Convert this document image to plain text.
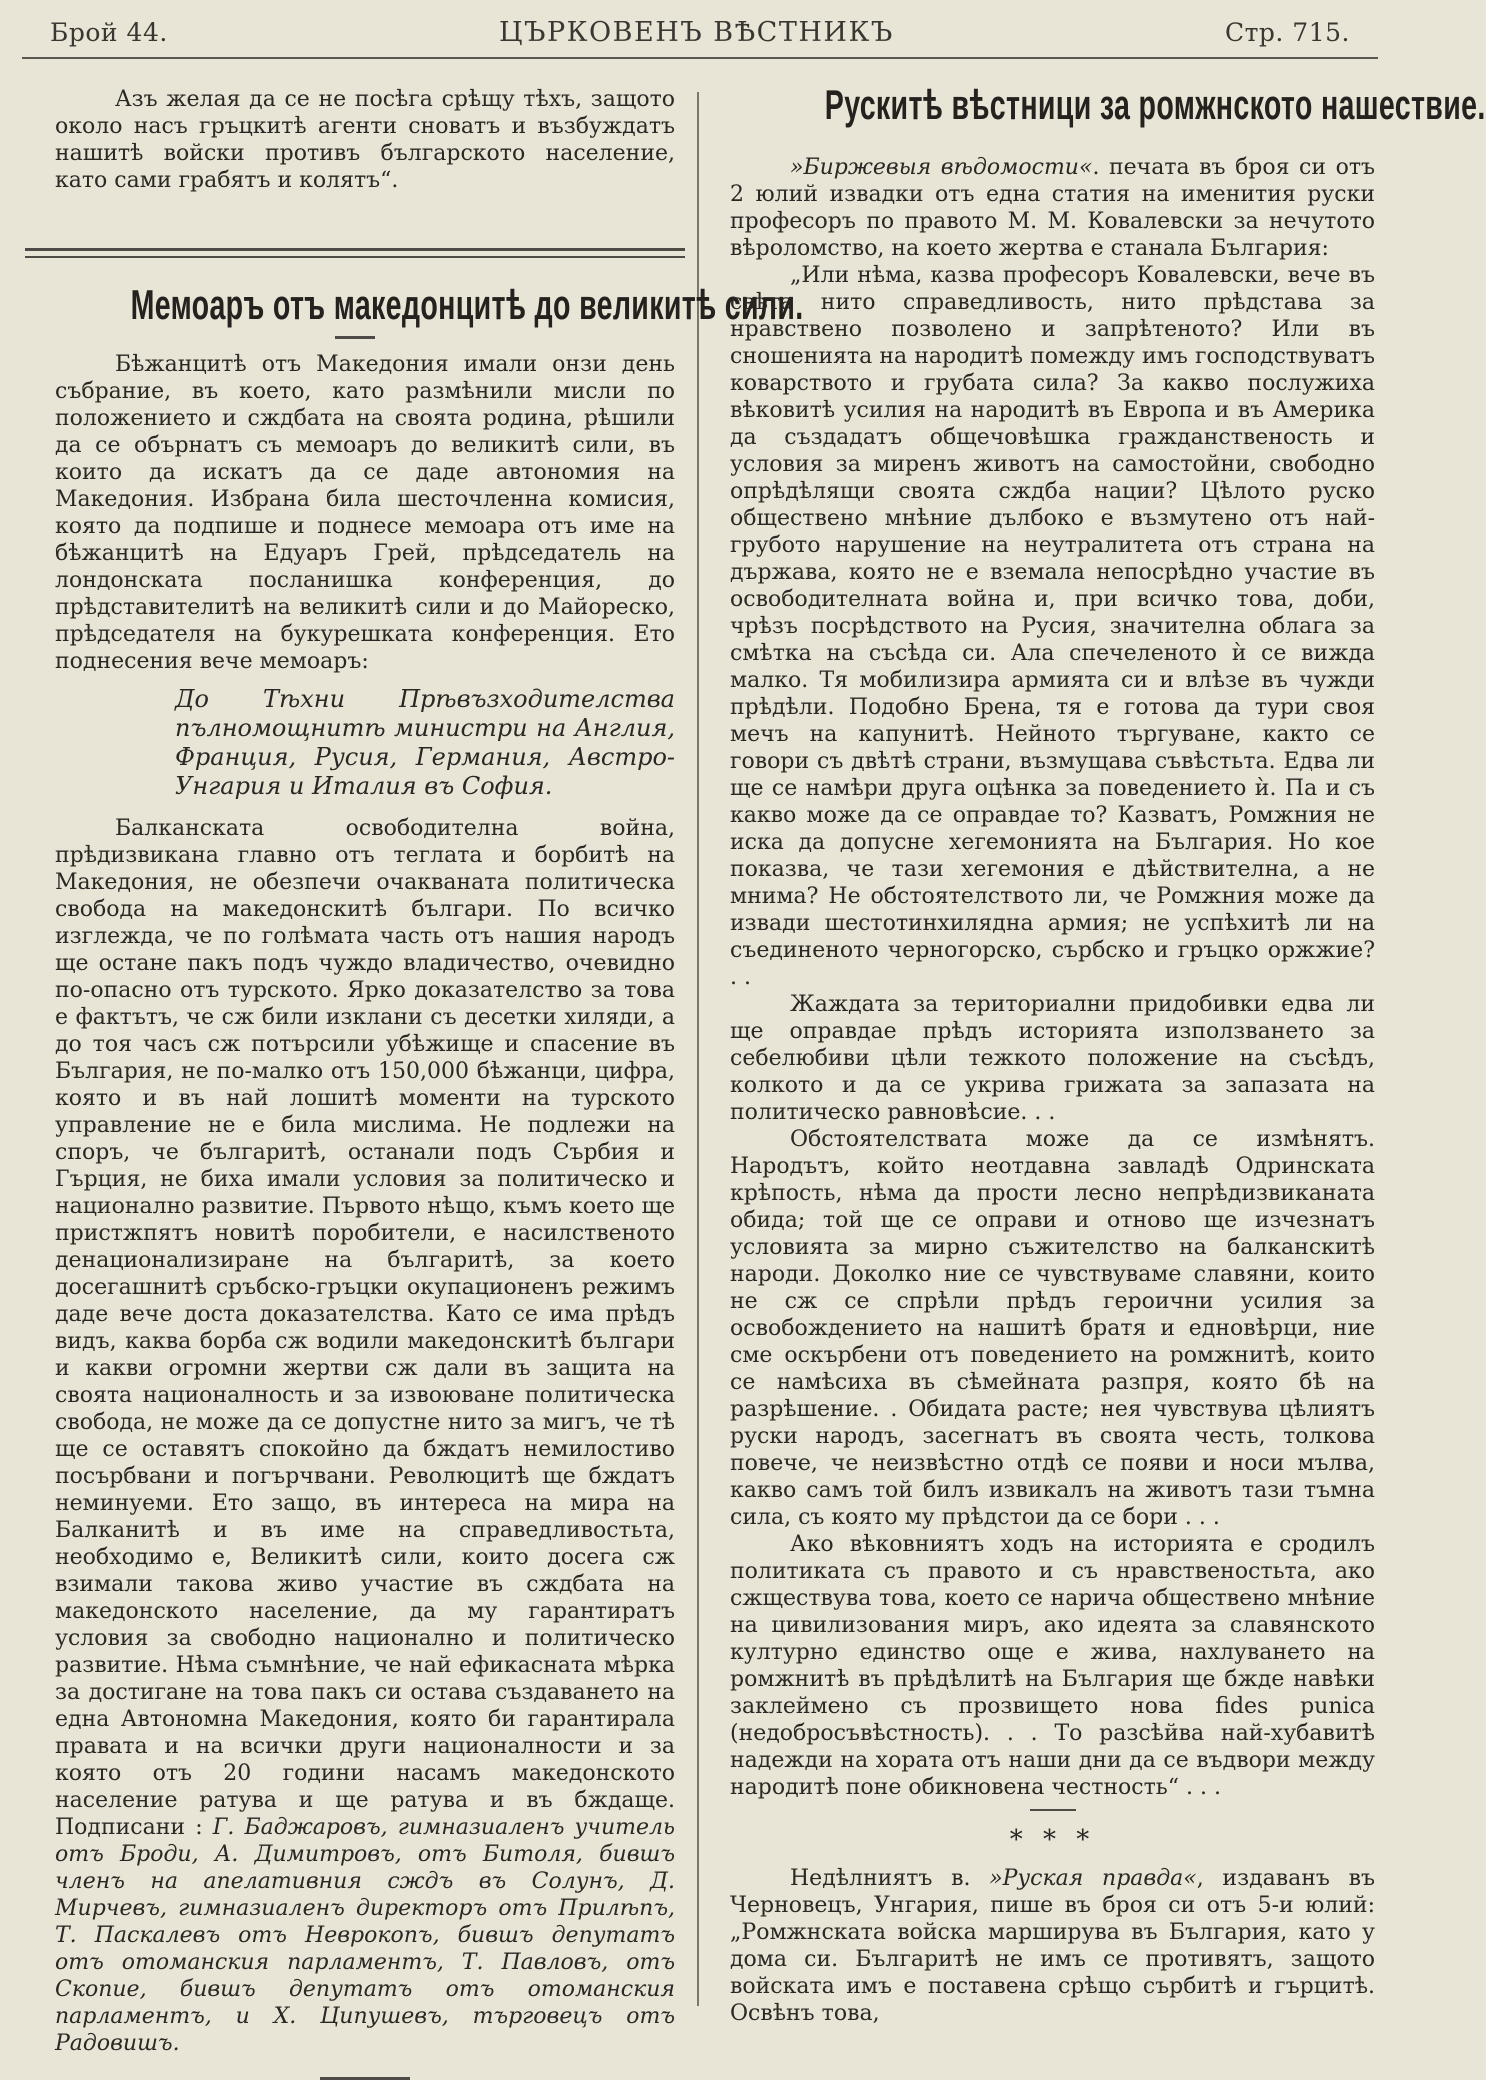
Брой 44.	ЦЪРКОВЕНЪ ВѢСТНИКЪ	Стр. 715.

Азъ желая да се не посѣга срѣщу тѣхъ, защото около насъ гръцкитѣ агенти сноватъ и възбуждатъ нашитѣ войски противъ българското население, като сами грабятъ и колятъ“.

Мемоаръ отъ македонцитѣ до великитѣ сили.

Бѣжанцитѣ отъ Македония имали онзи день събрание, въ което, като размѣнили мисли по положението и сждбата на своята родина, рѣшили да се обърнатъ съ мемоаръ до великитѣ сили, въ които да искатъ да се даде автономия на Македония. Избрана била шесточленна комисия, която да подпише и поднесе мемоара отъ име на бѣжанцитѣ на Едуаръ Грей, прѣдседатель на лондонската посланишка конференция, до прѣдставителитѣ на великитѣ сили и до Майореско, прѣдседателя на букурешката конференция. Ето поднесения вече мемоаръ:

До Тѣхни Прѣвъзходителства пълномощнитѣ министри на Англия, Франция, Русия, Германия, Австро-Унгария и Италия въ София.

Балканската освободителна война, прѣдизвикана главно отъ теглата и борбитѣ на Македония, не обезпечи очакваната политическа свобода на македонскитѣ българи. По всичко изглежда, че по голѣмата часть отъ нашия народъ ще остане пакъ подъ чуждо владичество, очевидно по-опасно отъ турското. Ярко доказателство за това е фактътъ, че сж били изклани съ десетки хиляди, а до тоя часъ сж потърсили убѣжище и спасение въ България, не по-малко отъ 150,000 бѣжанци, цифра, която и въ най лошитѣ моменти на турското управление не е била мислима. Не подлежи на споръ, че българитѣ, останали подъ Сърбия и Гърция, не биха имали условия за политическо и национално развитие. Първото нѣщо, къмъ което ще пристжпятъ новитѣ поробители, е насилственото денационализиране на българитѣ, за което досегашнитѣ сръбско-гръцки окупационенъ режимъ даде вече доста доказателства. Като се има прѣдъ видъ, каква борба сж водили македонскитѣ българи и какви огромни жертви сж дали въ защита на своята националность и за извоюване политическа свобода, не може да се допустне нито за мигъ, че тѣ ще се оставятъ спокойно да бждатъ немилостиво посърбвани и погърчвани. Революцитѣ ще бждатъ неминуеми. Ето защо, въ интереса на мира на Балканитѣ и въ име на справедливостьта, необходимо е, Великитѣ сили, които досега сж взимали такова живо участие въ сждбата на македонското население, да му гарантиратъ условия за свободно национално и политическо развитие. Нѣма съмнѣние, че най ефикасната мѣрка за достигане на това пакъ си остава създаването на една Автономна Македония, която би гарантирала правата и на всички други националности и за която отъ 20 години насамъ македонското население ратува и ще ратува и въ бждаще. Подписани : Г. Баджаровъ, гимназиаленъ учитель отъ Броди, А. Димитровъ, отъ Битоля, бившъ членъ на апелативния сждъ въ Солунъ, Д. Мирчевъ, гимназиаленъ директоръ отъ Прилѣпъ, Т. Паскалевъ отъ Неврокопъ, бившъ депутатъ отъ отоманския парламентъ, Т. Павловъ, отъ Скопие, бившъ депутатъ отъ отоманския парламентъ, и Х. Ципушевъ, търговецъ отъ Радовишъ.

Рускитѣ вѣстници за ромжнското нашествие.

»Биржевыя вѣдомости«. печата въ броя си отъ 2 юлий извадки отъ една статия на именития руски професоръ по правото М. М. Ковалевски за нечутото вѣроломство, на което жертва е станала България:

„Или нѣма, казва професоръ Ковалевски, вече въ свѣта нито справедливость, нито прѣдстава за нравствено позволено и запрѣтеното? Или въ сношенията на народитѣ помежду имъ господствуватъ коварството и грубата сила? За какво послужиха вѣковитѣ усилия на народитѣ въ Европа и въ Америка да създадатъ общечовѣшка гражданственость и условия за миренъ животъ на самостойни, свободно опрѣдѣлящи своята сждба нации? Цѣлото руско обществено мнѣние дълбоко е възмутено отъ най-грубото нарушение на неутралитета отъ страна на държава, която не е вземала непосрѣдно участие въ освободителната война и, при всичко това, доби, чрѣзъ посрѣдството на Русия, значителна облага за смѣтка на съсѣда си. Ала спечеленото ѝ се вижда малко. Тя мобилизира армията си и влѣзе въ чужди прѣдѣли. Подобно Брена, тя е готова да тури своя мечъ на капунитѣ. Нейното търгуване, както се говори съ двѣтѣ страни, възмущава съвѣстьта. Едва ли ще се намѣри друга оцѣнка за поведението ѝ. Па и съ какво може да се оправдае то? Казватъ, Ромжния не иска да допусне хегемонията на България. Но кое показва, че тази хегемония е дѣйствителна, а не мнима? Не обстоятелството ли, че Ромжния може да извади шестотинхилядна армия; не успѣхитѣ ли на съединеното черногорско, сърбско и гръцко оржжие? . .

Жаждата за териториални придобивки едва ли ще оправдае прѣдъ историята използването за себелюбиви цѣли тежкото положение на съсѣдъ, колкото и да се укрива грижата за запазата на политическо равновѣсие. . .

Обстоятелствата може да се измѣнятъ. Народътъ, който неотдавна завладѣ Одринската крѣпость, нѣма да прости лесно непрѣдизвиканата обида; той ще се оправи и отново ще изчезнатъ условията за мирно съжителство на балканскитѣ народи. Доколко ние се чувствуваме славяни, които не сж се спрѣли прѣдъ героични усилия за освобождението на нашитѣ братя и едновѣрци, ние сме оскърбени отъ поведението на ромжнитѣ, които се намѣсиха въ сѣмейната разпря, която бѣ на разрѣшение. . Обидата расте; нея чувствува цѣлиятъ руски народъ, засегнатъ въ своята честь, толкова повече, че неизвѣстно отдѣ се появи и носи мълва, какво самъ той билъ извикалъ на животъ тази тъмна сила, съ която му прѣдстои да се бори . . .

Ако вѣковниятъ ходъ на историята е сродилъ политиката съ правото и съ нравственостьта, ако сжществува това, което се нарича обществено мнѣние на цивилизования миръ, ако идеята за славянското културно единство още е жива, нахлуването на ромжнитѣ въ прѣдѣлитѣ на България ще бжде навѣки заклеймено съ прозвището нова fides punica (недобросъвѣстность). . . То разсѣйва най-хубавитѣ надежди на хората отъ наши дни да се въдвори между народитѣ поне обикновена честность“ . . .

* * *

Недѣлниятъ в. »Руская правда«, издаванъ въ Черновецъ, Унгария, пише въ броя си отъ 5-и юлий: „Ромжнската войска марширува въ България, като у дома си. Българитѣ не имъ се противятъ, защото войската имъ е поставена срѣщо сърбитѣ и гърцитѣ. Освѣнъ това,
